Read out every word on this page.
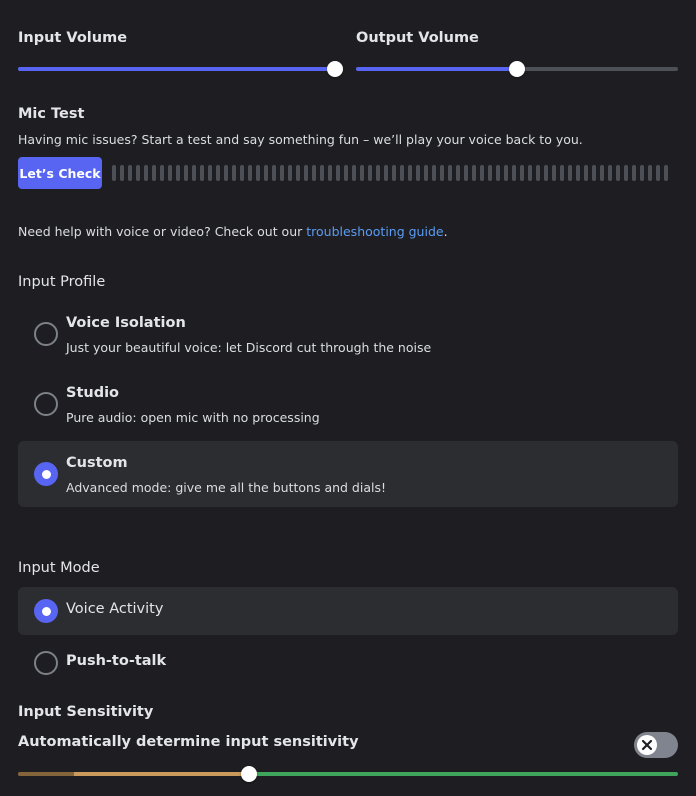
Input Volume	Output Volume
Mic Test
Having mic issues? Start a test and say something fun – we’ll play your voice back to you.
Let’s Check
Need help with voice or video? Check out our troubleshooting guide.
Input Profile
Voice Isolation
Just your beautiful voice: let Discord cut through the noise
Studio
Pure audio: open mic with no processing
Custom
Advanced mode: give me all the buttons and dials!
Input Mode
Voice Activity
Push-to-talk
Input Sensitivity
Automatically determine input sensitivity
